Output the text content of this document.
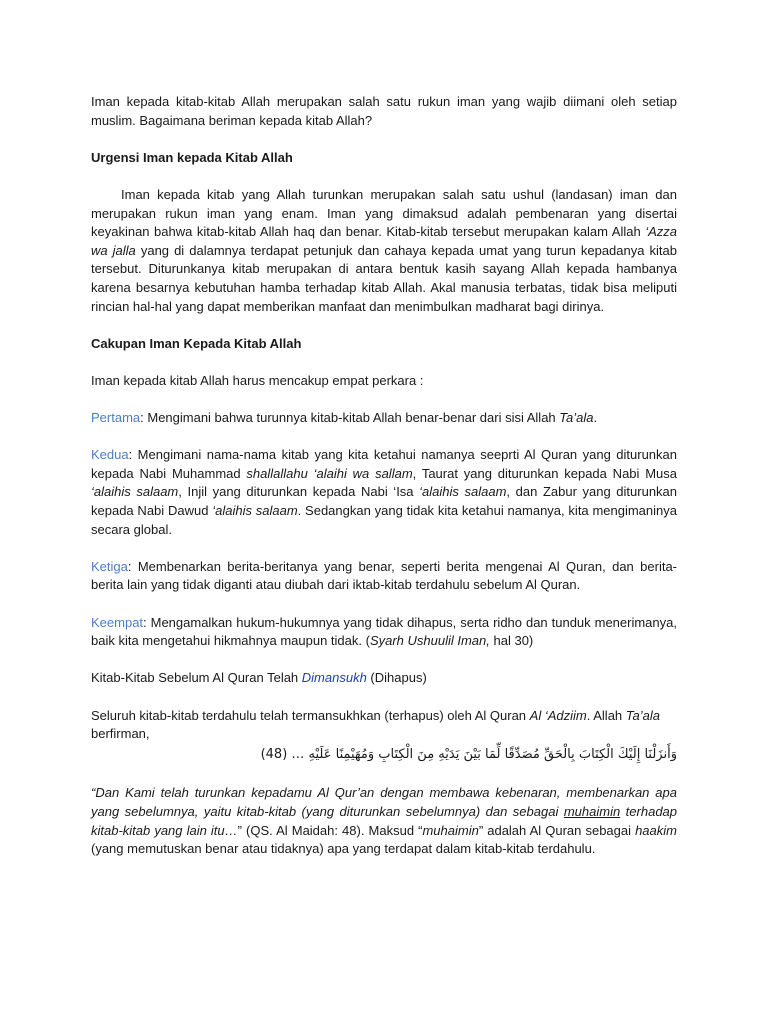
Iman kepada kitab-kitab Allah merupakan salah satu rukun iman yang wajib diimani oleh setiap muslim. Bagaimana beriman kepada kitab Allah?

Urgensi Iman kepada Kitab Allah

Iman kepada kitab yang Allah turunkan merupakan salah satu ushul (landasan) iman dan merupakan rukun iman yang enam. Iman yang dimaksud adalah pembenaran yang disertai keyakinan bahwa kitab-kitab Allah haq dan benar. Kitab-kitab tersebut merupakan kalam Allah ‘Azza wa jalla yang di dalamnya terdapat petunjuk dan cahaya kepada umat yang turun kepadanya kitab tersebut. Diturunkanya kitab merupakan di antara bentuk kasih sayang Allah kepada hambanya karena besarnya kebutuhan hamba terhadap kitab Allah. Akal manusia terbatas, tidak bisa meliputi rincian hal-hal yang dapat memberikan manfaat dan menimbulkan madharat bagi dirinya.

Cakupan Iman Kepada Kitab Allah

Iman kepada kitab Allah harus mencakup empat perkara :

Pertama: Mengimani bahwa turunnya kitab-kitab Allah benar-benar dari sisi Allah Ta’ala.

Kedua: Mengimani nama-nama kitab yang kita ketahui namanya seeprti Al Quran yang diturunkan kepada Nabi Muhammad shallallahu ‘alaihi wa sallam, Taurat yang diturunkan kepada Nabi Musa ‘alaihis salaam, Injil yang diturunkan kepada Nabi ‘Isa ‘alaihis salaam, dan Zabur yang diturunkan kepada Nabi Dawud ‘alaihis salaam. Sedangkan yang tidak kita ketahui namanya, kita mengimaninya secara global.

Ketiga: Membenarkan berita-beritanya yang benar, seperti berita mengenai Al Quran, dan berita-berita lain yang tidak diganti atau diubah dari iktab-kitab terdahulu sebelum Al Quran.

Keempat: Mengamalkan hukum-hukumnya yang tidak dihapus, serta ridho dan tunduk menerimanya, baik kita mengetahui hikmahnya maupun tidak. (Syarh Ushuulil Iman, hal 30)

Kitab-Kitab Sebelum Al Quran Telah Dimansukh (Dihapus)

Seluruh kitab-kitab terdahulu telah termansukhkan (terhapus) oleh Al Quran Al ‘Adziim. Allah Ta’ala berfirman,

وَأَنزَلْنَا إِلَيْكَ الْكِتَابَ بِالْحَقِّ مُصَدِّقًا لِّمَا بَيْنَ يَدَيْهِ مِنَ الْكِتَابِ وَمُهَيْمِنًا عَلَيْهِ … (48)

“Dan Kami telah turunkan kepadamu Al Qur’an dengan membawa kebenaran, membenarkan apa yang sebelumnya, yaitu kitab-kitab (yang diturunkan sebelumnya) dan sebagai muhaimin terhadap kitab-kitab yang lain itu…” (QS. Al Maidah: 48). Maksud “muhaimin” adalah Al Quran sebagai haakim (yang memutuskan benar atau tidaknya) apa yang terdapat dalam kitab-kitab terdahulu.
